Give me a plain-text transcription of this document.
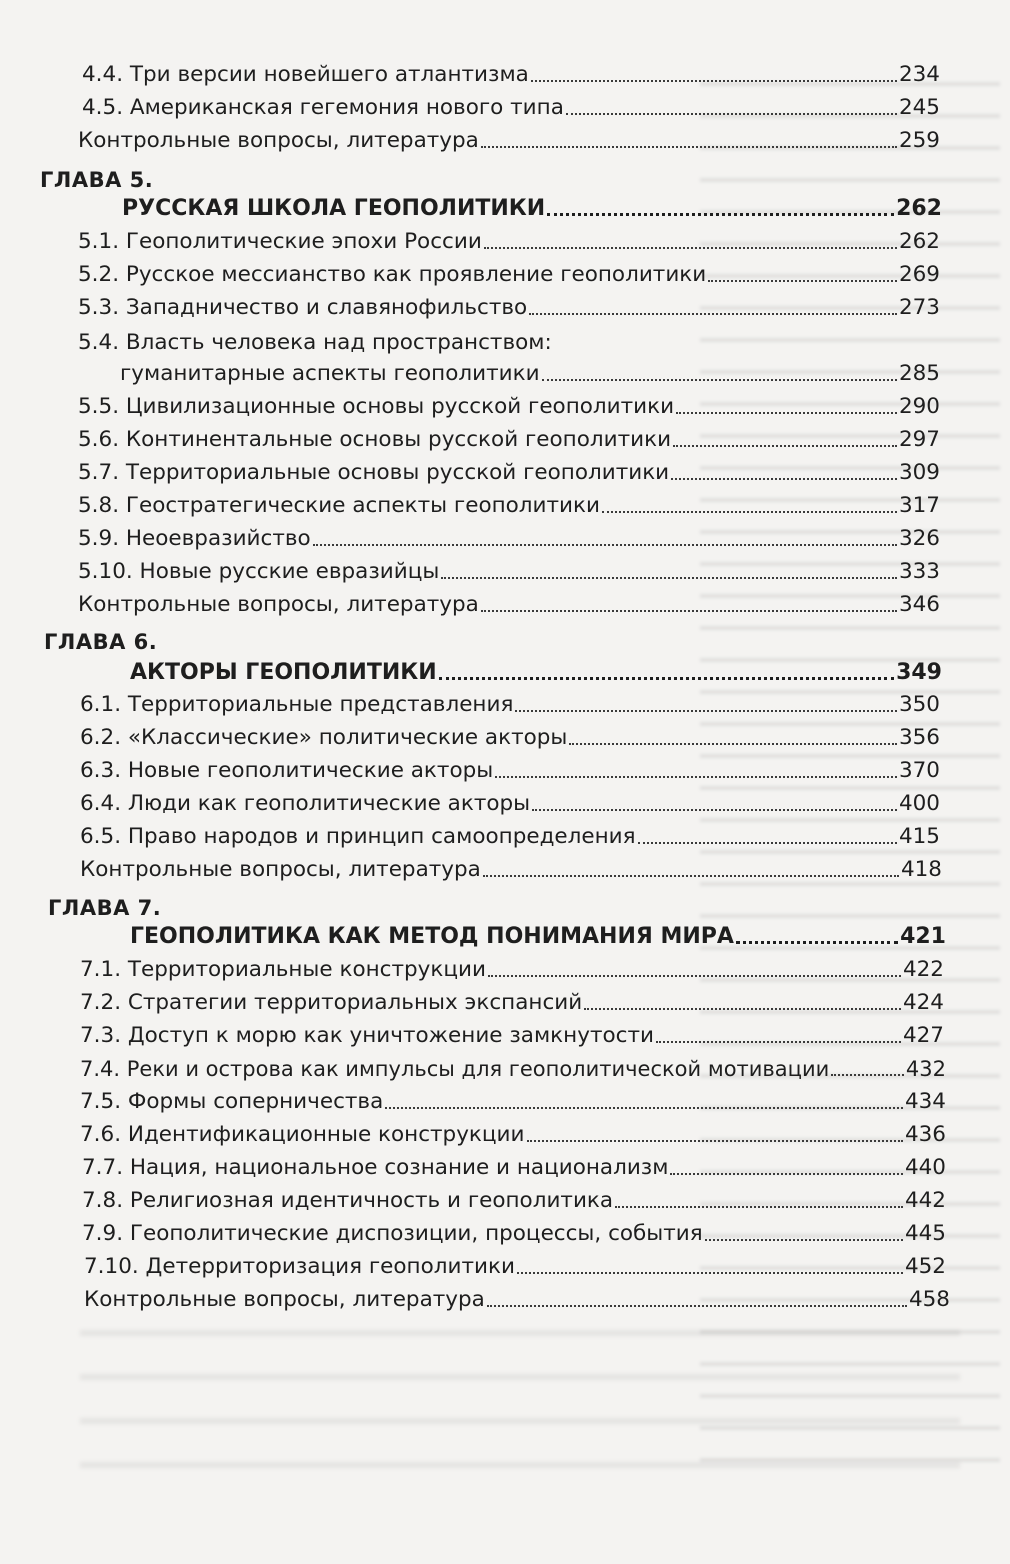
4.4. Три версии новейшего атлантизма	234
4.5. Американская гегемония нового типа	245
Контрольные вопросы, литература	259
ГЛАВА 5.
РУССКАЯ ШКОЛА ГЕОПОЛИТИКИ	262
5.1. Геополитические эпохи России	262
5.2. Русское мессианство как проявление геополитики	269
5.3. Западничество и славянофильство	273
5.4. Власть человека над пространством:
гуманитарные аспекты геополитики	285
5.5. Цивилизационные основы русской геополитики	290
5.6. Континентальные основы русской геополитики	297
5.7. Территориальные основы русской геополитики	309
5.8. Геостратегические аспекты геополитики	317
5.9. Неоевразийство	326
5.10. Новые русские евразийцы	333
Контрольные вопросы, литература	346
ГЛАВА 6.
АКТОРЫ ГЕОПОЛИТИКИ	349
6.1. Территориальные представления	350
6.2. «Классические» политические акторы	356
6.3. Новые геополитические акторы	370
6.4. Люди как геополитические акторы	400
6.5. Право народов и принцип самоопределения	415
Контрольные вопросы, литература	418
ГЛАВА 7.
ГЕОПОЛИТИКА КАК МЕТОД ПОНИМАНИЯ МИРА	421
7.1. Территориальные конструкции	422
7.2. Стратегии территориальных экспансий	424
7.3. Доступ к морю как уничтожение замкнутости	427
7.4. Реки и острова как импульсы для геополитической мотивации	432
7.5. Формы соперничества	434
7.6. Идентификационные конструкции	436
7.7. Нация, национальное сознание и национализм	440
7.8. Религиозная идентичность и геополитика	442
7.9. Геополитические диспозиции, процессы, события	445
7.10. Детерриторизация геополитики	452
Контрольные вопросы, литература	458
